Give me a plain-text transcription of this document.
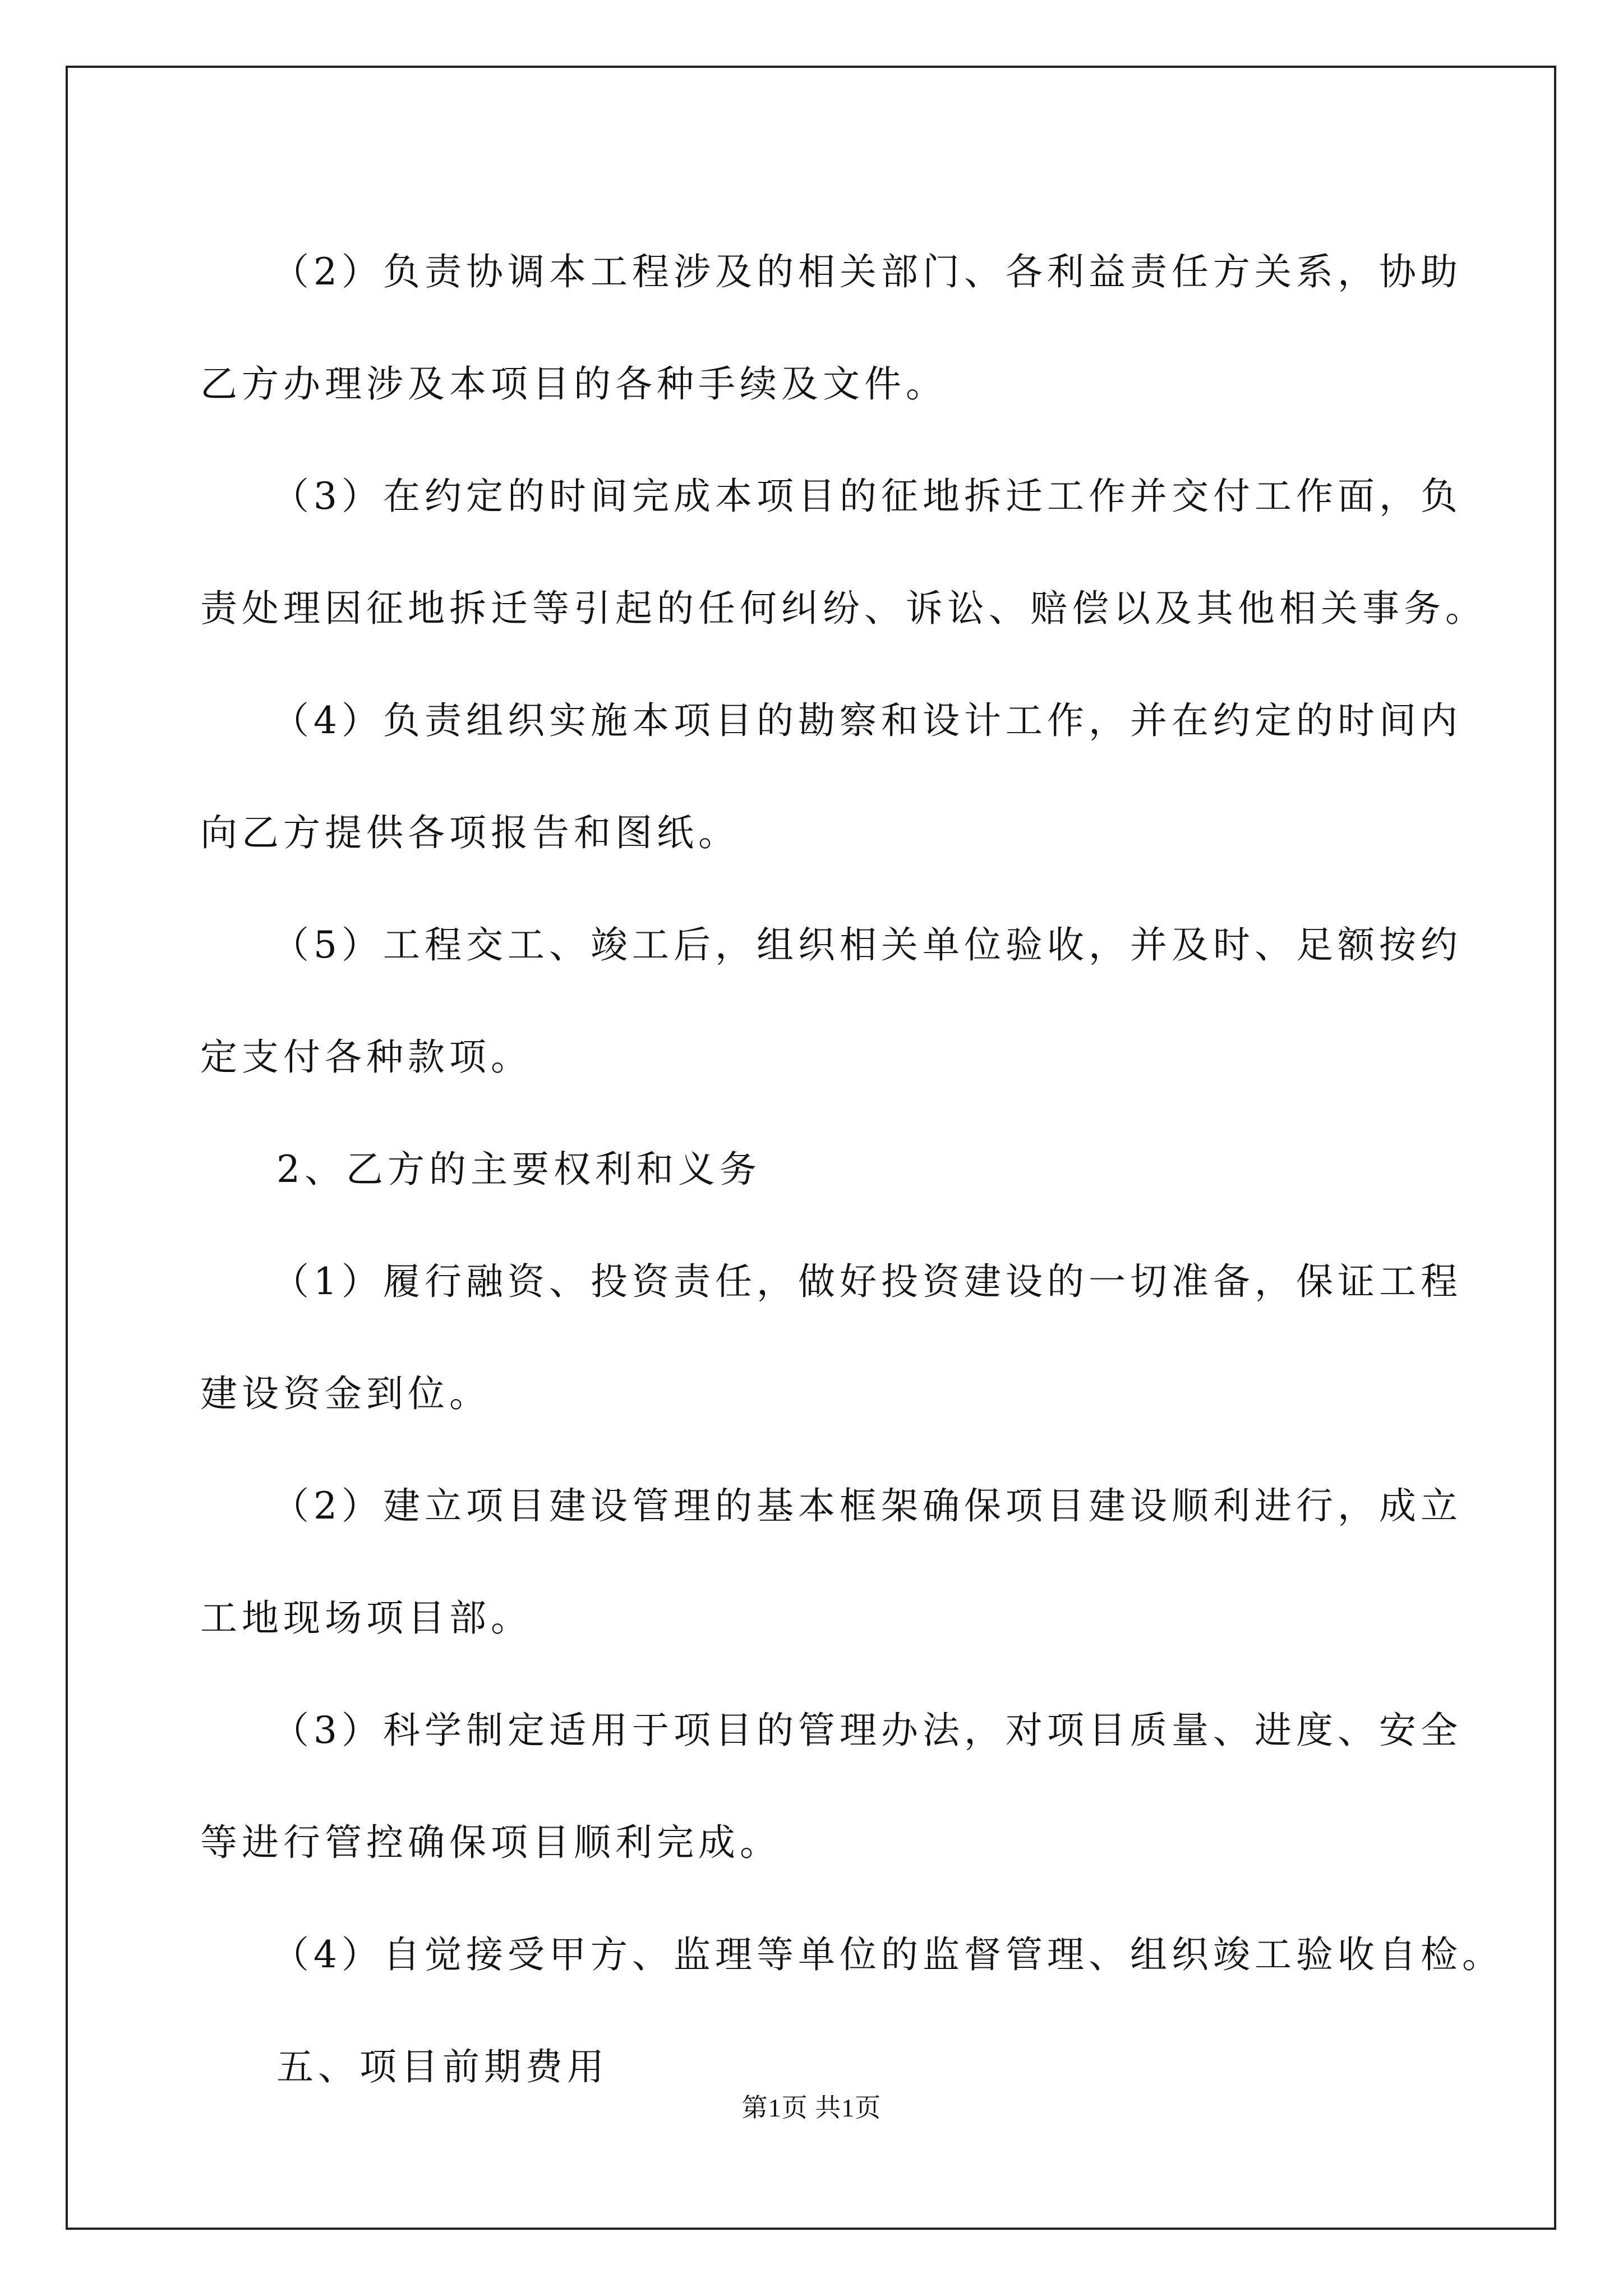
（2）负责协调本工程涉及的相关部门、各利益责任方关系，协助

乙方办理涉及本项目的各种手续及文件。

（3）在约定的时间完成本项目的征地拆迁工作并交付工作面，负

责处理因征地拆迁等引起的任何纠纷、诉讼、赔偿以及其他相关事务。

（4）负责组织实施本项目的勘察和设计工作，并在约定的时间内

向乙方提供各项报告和图纸。

（5）工程交工、竣工后，组织相关单位验收，并及时、足额按约

定支付各种款项。

2、乙方的主要权利和义务

（1）履行融资、投资责任，做好投资建设的一切准备，保证工程

建设资金到位。

（2）建立项目建设管理的基本框架确保项目建设顺利进行，成立

工地现场项目部。

（3）科学制定适用于项目的管理办法，对项目质量、进度、安全

等进行管控确保项目顺利完成。

（4）自觉接受甲方、监理等单位的监督管理、组织竣工验收自检。

五、项目前期费用

第1页 共1页
